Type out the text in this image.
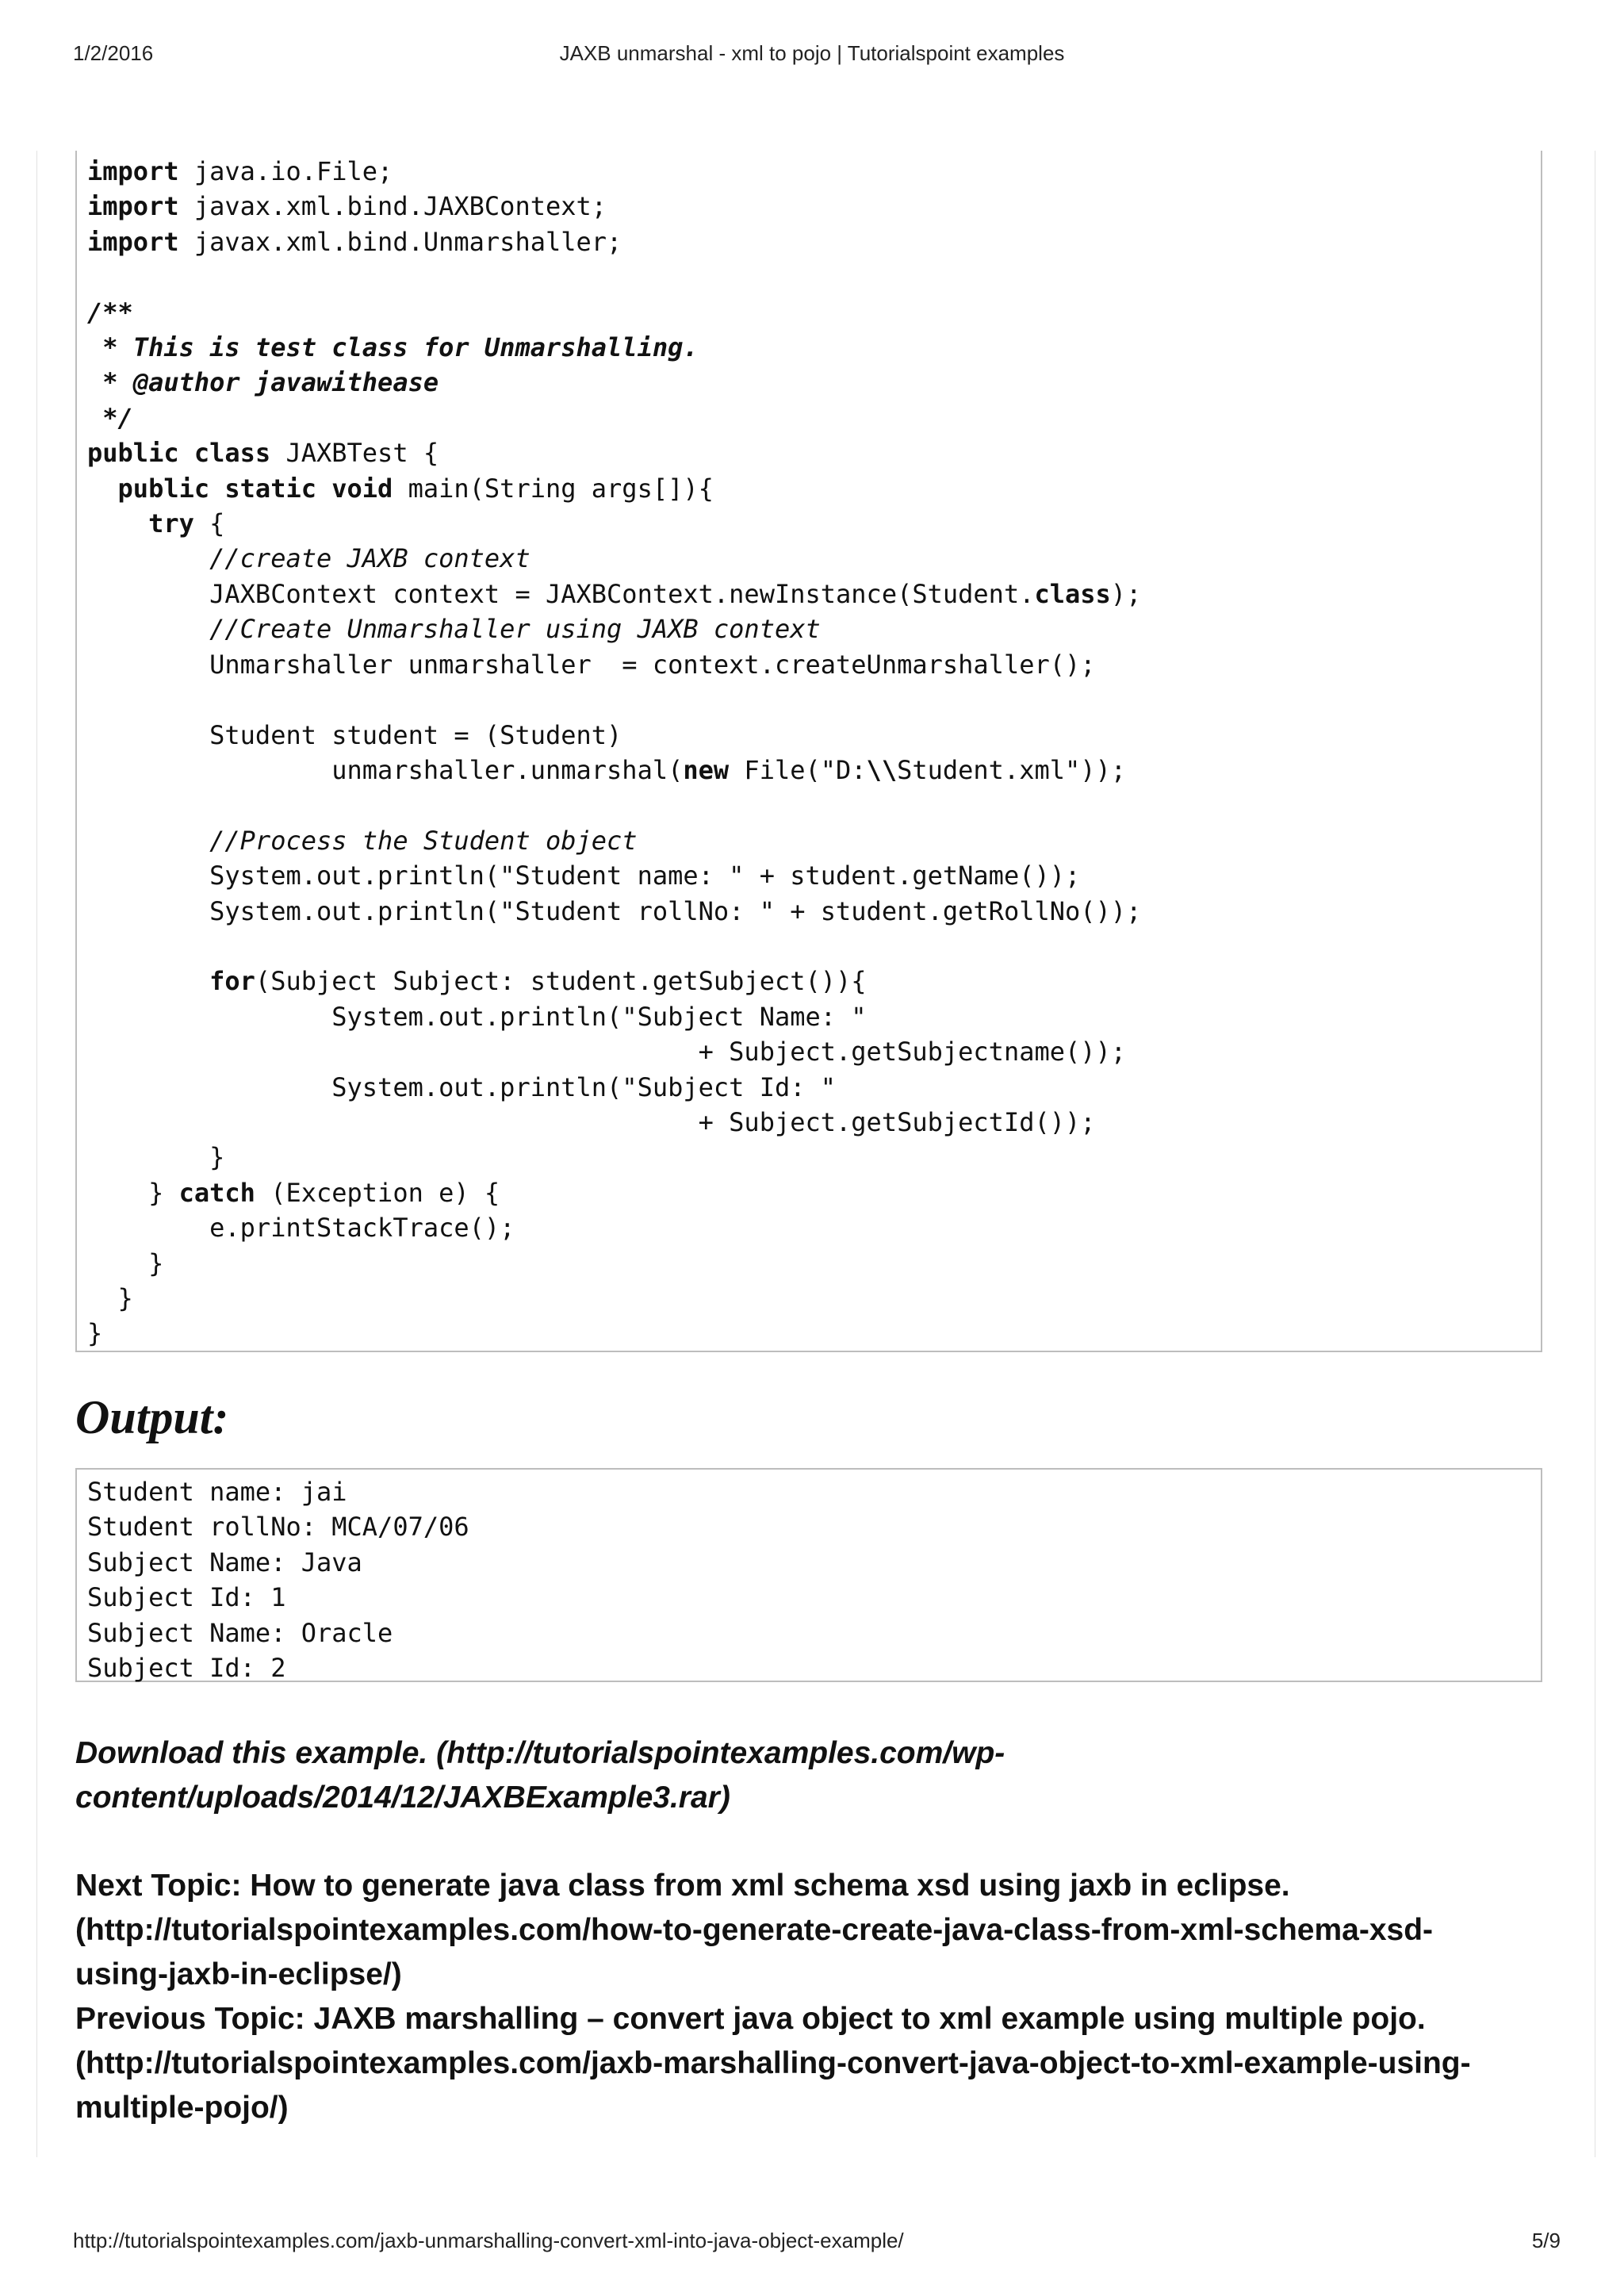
1/2/2016	JAXB unmarshal - xml to pojo | Tutorialspoint examples
import java.io.File;
import javax.xml.bind.JAXBContext;
import javax.xml.bind.Unmarshaller;

/**
* This is test class for Unmarshalling.
* @author javawithease
*/
public class JAXBTest {
public static void main(String args[]){
try {
//create JAXB context
JAXBContext context = JAXBContext.newInstance(Student.class);
//Create Unmarshaller using JAXB context
Unmarshaller unmarshaller  = context.createUnmarshaller();

Student student = (Student)
unmarshaller.unmarshal(new File("D:\\Student.xml"));

//Process the Student object
System.out.println("Student name: " + student.getName());
System.out.println("Student rollNo: " + student.getRollNo());

for(Subject Subject: student.getSubject()){
System.out.println("Subject Name: "
+ Subject.getSubjectname());
System.out.println("Subject Id: "
+ Subject.getSubjectId());
}
} catch (Exception e) {
e.printStackTrace();
}
}
}
Output:
Student name: jai
Student rollNo: MCA/07/06
Subject Name: Java
Subject Id: 1
Subject Name: Oracle
Subject Id: 2
Download this example. (http://tutorialspointexamples.com/wp-
content/uploads/2014/12/JAXBExample3.rar)
Next Topic: How to generate java class from xml schema xsd using jaxb in eclipse.
(http://tutorialspointexamples.com/how-to-generate-create-java-class-from-xml-schema-xsd-
using-jaxb-in-eclipse/)
Previous Topic: JAXB marshalling – convert java object to xml example using multiple pojo.
(http://tutorialspointexamples.com/jaxb-marshalling-convert-java-object-to-xml-example-using-
multiple-pojo/)
http://tutorialspointexamples.com/jaxb-unmarshalling-convert-xml-into-java-object-example/	5/9
